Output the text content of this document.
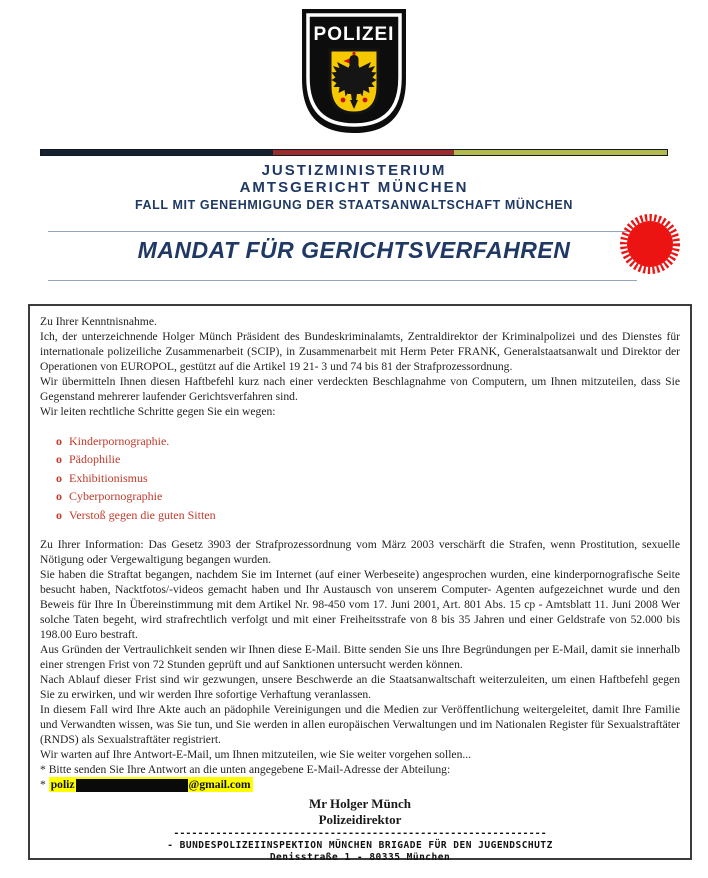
POLIZEI
JUSTIZMINISTERIUM
AMTSGERICHT MÜNCHEN
FALL MIT GENEHMIGUNG DER STAATSANWALTSCHAFT MÜNCHEN
MANDAT FÜR GERICHTSVERFAHREN

Zu Ihrer Kenntnisnahme.

Ich, der unterzeichnende Holger Münch Präsident des Bundeskriminalamts, Zentraldirektor der Kriminalpolizei und des Dienstes für internationale polizeiliche Zusammenarbeit (SCIP), in Zusammenarbeit mit Herm Peter FRANK, Generalstaatsanwalt und Direktor der Operationen von EUROPOL, gestützt auf die Artikel 19 21- 3 und 74 bis 81 der Strafprozessordnung.

Wir übermitteln Ihnen diesen Haftbefehl kurz nach einer verdeckten Beschlagnahme von Computern, um Ihnen mitzuteilen, dass Sie Gegenstand mehrerer laufender Gerichtsverfahren sind.

Wir leiten rechtliche Schritte gegen Sie ein wegen:

o Kinderpornographie.
o Pädophilie
o Exhibitionismus
o Cyberpornographie
o Verstoß gegen die guten Sitten

Zu Ihrer Information: Das Gesetz 3903 der Strafprozessordnung vom März 2003 verschärft die Strafen, wenn Prostitution, sexuelle Nötigung oder Vergewaltigung begangen wurden.

Sie haben die Straftat begangen, nachdem Sie im Internet (auf einer Werbeseite) angesprochen wurden, eine kinderpornografische Seite besucht haben, Nacktfotos/-videos gemacht haben und Ihr Austausch von unserem Computer- Agenten aufgezeichnet wurde und den Beweis für Ihre In Übereinstimmung mit dem Artikel Nr. 98-450 vom 17. Juni 2001, Art. 801 Abs. 15 cp - Amtsblatt 11. Juni 2008 Wer solche Taten begeht, wird strafrechtlich verfolgt und mit einer Freiheitsstrafe von 8 bis 35 Jahren und einer Geldstrafe von 52.000 bis 198.00 Euro bestraft.

Aus Gründen der Vertraulichkeit senden wir Ihnen diese E-Mail. Bitte senden Sie uns Ihre Begründungen per E-Mail, damit sie innerhalb einer strengen Frist von 72 Stunden geprüft und auf Sanktionen untersucht werden können.

Nach Ablauf dieser Frist sind wir gezwungen, unsere Beschwerde an die Staatsanwaltschaft weiterzuleiten, um einen Haftbefehl gegen Sie zu erwirken, und wir werden Ihre sofortige Verhaftung veranlassen.

In diesem Fall wird Ihre Akte auch an pädophile Vereinigungen und die Medien zur Veröffentlichung weitergeleitet, damit Ihre Familie und Verwandten wissen, was Sie tun, und Sie werden in allen europäischen Verwaltungen und im Nationalen Register für Sexualstraftäter (RNDS) als Sexualstraftäter registriert.

Wir warten auf Ihre Antwort-E-Mail, um Ihnen mitzuteilen, wie Sie weiter vorgehen sollen...

* Bitte senden Sie Ihre Antwort an die unten angegebene E-Mail-Adresse der Abteilung:

* poliz	@gmail.com

Mr Holger Münch
Polizeidirektor
--------------------------------------------------------------
- BUNDESPOLIZEIINSPEKTION MÜNCHEN BRIGADE FÜR DEN JUGENDSCHUTZ
Denisstraße 1 - 80335 München
